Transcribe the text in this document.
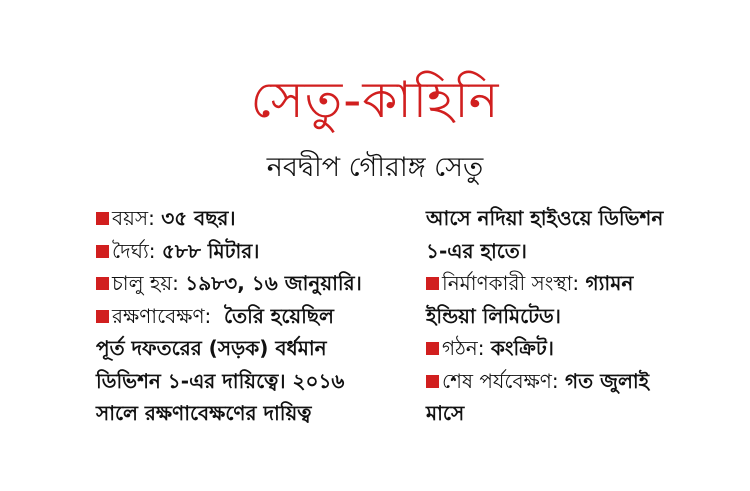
সেতু-কাহিনি
নবদ্বীপ গৌরাঙ্গ সেতু
বয়স: ৩৫ বছর।
দৈর্ঘ্য: ৫৮৮ মিটার।
চালু হয়: ১৯৮৩, ১৬ জানুয়ারি।
রক্ষণাবেক্ষণ: তৈরি হয়েছিল
পূর্ত দফতরের (সড়ক) বর্ধমান
ডিভিশন ১-এর দায়িত্বে। ২০১৬
সালে রক্ষণাবেক্ষণের দায়িত্ব
আসে নদিয়া হাইওয়ে ডিভিশন
১-এর হাতে।
নির্মাণকারী সংস্থা: গ্যামন
ইন্ডিয়া লিমিটেড।
গঠন: কংক্রিট।
শেষ পর্যবেক্ষণ: গত জুলাই
মাসে
